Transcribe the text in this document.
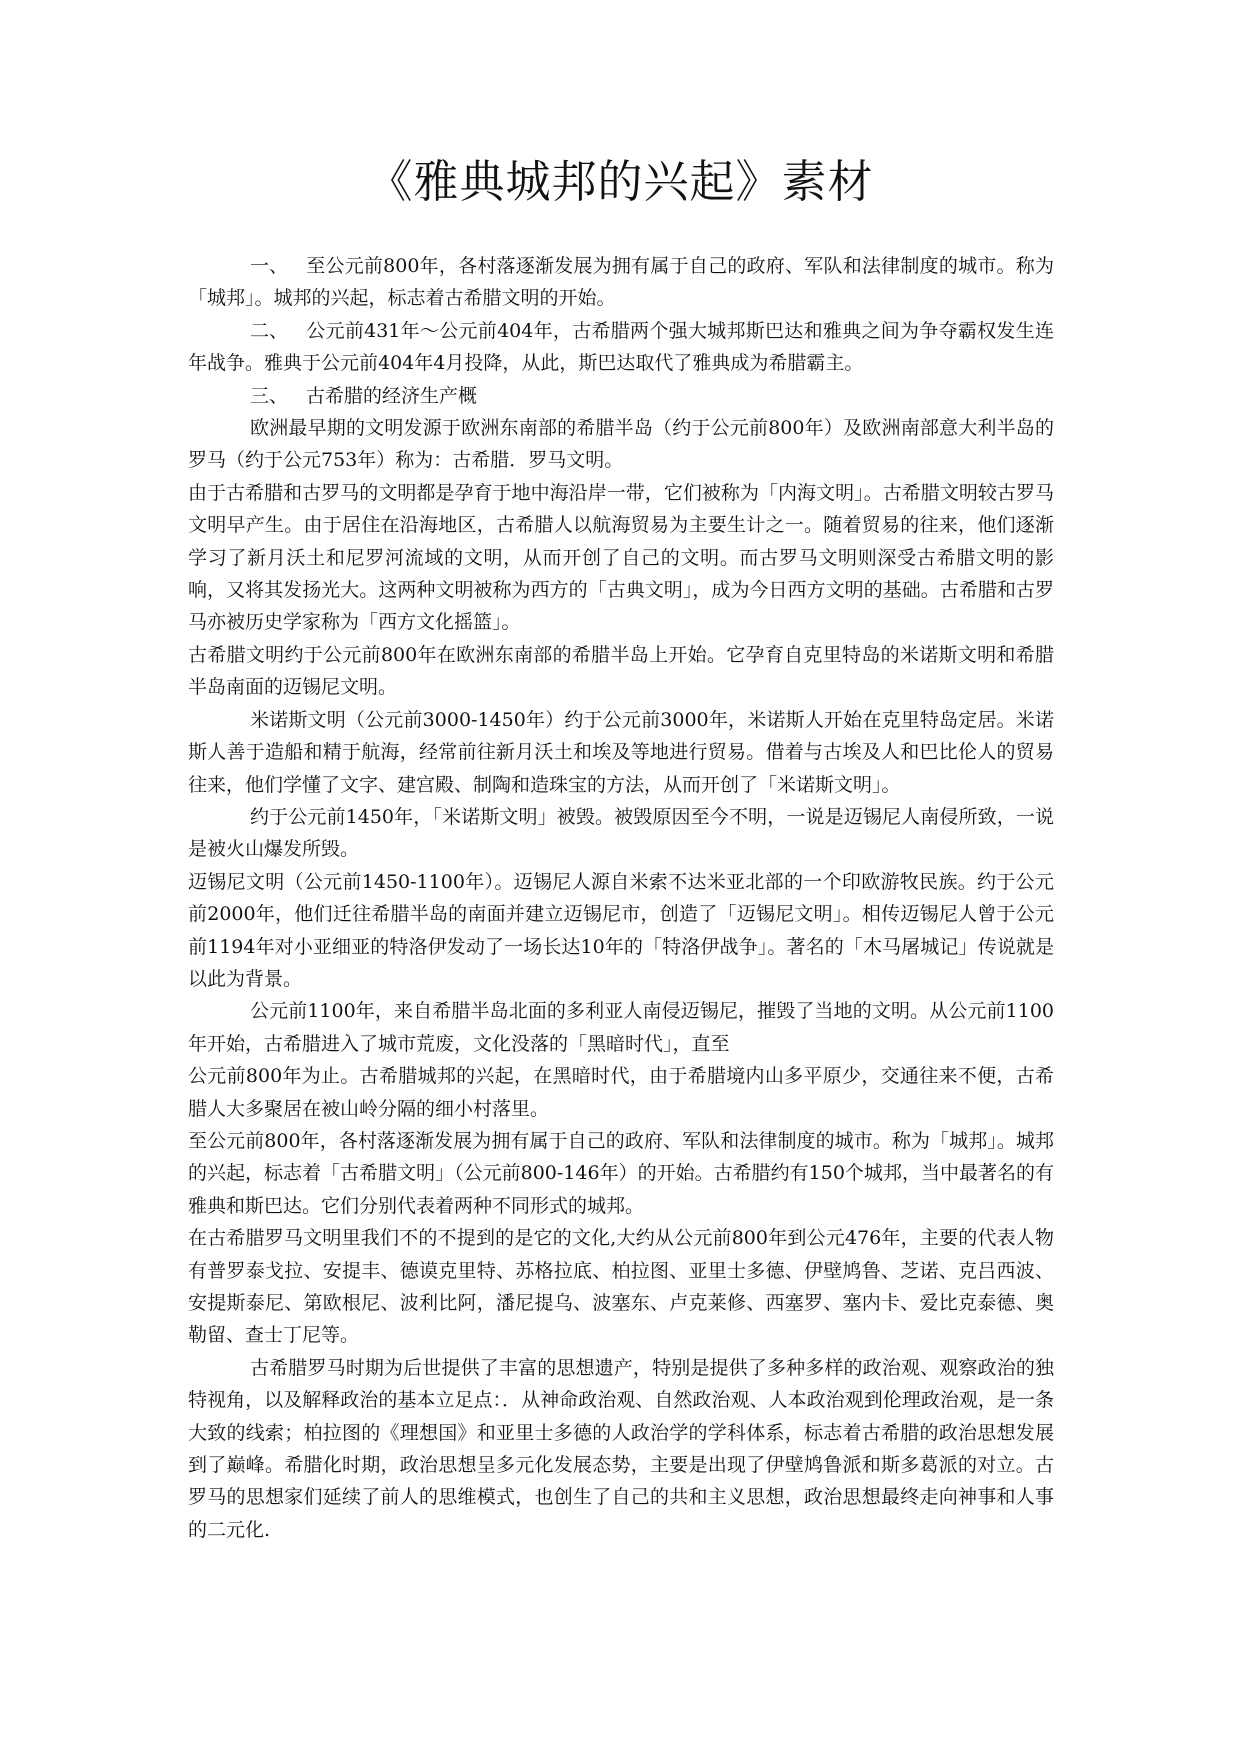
《雅典城邦的兴起》素材

一、 至公元前800年，各村落逐渐发展为拥有属于自己的政府、军队和法律制度的城市。称为「城邦」。城邦的兴起，标志着古希腊文明的开始。

二、 公元前431年～公元前404年，古希腊两个强大城邦斯巴达和雅典之间为争夺霸权发生连年战争。雅典于公元前404年4月投降，从此，斯巴达取代了雅典成为希腊霸主。

三、 古希腊的经济生产概

欧洲最早期的文明发源于欧洲东南部的希腊半岛（约于公元前800年）及欧洲南部意大利半岛的罗马（约于公元753年）称为：古希腊．罗马文明。

由于古希腊和古罗马的文明都是孕育于地中海沿岸一带，它们被称为「内海文明」。古希腊文明较古罗马文明早产生。由于居住在沿海地区，古希腊人以航海贸易为主要生计之一。随着贸易的往来，他们逐渐学习了新月沃土和尼罗河流域的文明，从而开创了自己的文明。而古罗马文明则深受古希腊文明的影响，又将其发扬光大。这两种文明被称为西方的「古典文明」，成为今日西方文明的基础。古希腊和古罗马亦被历史学家称为「西方文化摇篮」。

古希腊文明约于公元前800年在欧洲东南部的希腊半岛上开始。它孕育自克里特岛的米诺斯文明和希腊半岛南面的迈锡尼文明。

米诺斯文明（公元前3000-1450年）约于公元前3000年，米诺斯人开始在克里特岛定居。米诺斯人善于造船和精于航海，经常前往新月沃土和埃及等地进行贸易。借着与古埃及人和巴比伦人的贸易往来，他们学懂了文字、建宫殿、制陶和造珠宝的方法，从而开创了「米诺斯文明」。

约于公元前1450年，「米诺斯文明」被毁。被毁原因至今不明，一说是迈锡尼人南侵所致，一说是被火山爆发所毁。

迈锡尼文明（公元前1450-1100年）。迈锡尼人源自米索不达米亚北部的一个印欧游牧民族。约于公元前2000年，他们迁往希腊半岛的南面并建立迈锡尼市，创造了「迈锡尼文明」。相传迈锡尼人曾于公元前1194年对小亚细亚的特洛伊发动了一场长达10年的「特洛伊战争」。著名的「木马屠城记」传说就是以此为背景。

公元前1100年，来自希腊半岛北面的多利亚人南侵迈锡尼，摧毁了当地的文明。从公元前1100年开始，古希腊进入了城市荒废，文化没落的「黑暗时代」，直至

公元前800年为止。古希腊城邦的兴起，在黑暗时代，由于希腊境内山多平原少，交通往来不便，古希腊人大多聚居在被山岭分隔的细小村落里。

至公元前800年，各村落逐渐发展为拥有属于自己的政府、军队和法律制度的城市。称为「城邦」。城邦的兴起，标志着「古希腊文明」（公元前800-146年）的开始。古希腊约有150个城邦，当中最著名的有雅典和斯巴达。它们分别代表着两种不同形式的城邦。

在古希腊罗马文明里我们不的不提到的是它的文化,大约从公元前800年到公元476年，主要的代表人物有普罗泰戈拉、安提丰、德谟克里特、苏格拉底、柏拉图、亚里士多德、伊壁鸠鲁、芝诺、克吕西波、安提斯泰尼、第欧根尼、波利比阿，潘尼提乌、波塞东、卢克莱修、西塞罗、塞内卡、爱比克泰德、奥勒留、查士丁尼等。

古希腊罗马时期为后世提供了丰富的思想遗产，特别是提供了多种多样的政治观、观察政治的独特视角，以及解释政治的基本立足点：．从神命政治观、自然政治观、人本政治观到伦理政治观，是一条大致的线索；柏拉图的《理想国》和亚里士多德的人政治学的学科体系，标志着古希腊的政治思想发展到了巅峰。希腊化时期，政治思想呈多元化发展态势，主要是出现了伊壁鸠鲁派和斯多葛派的对立。古罗马的思想家们延续了前人的思维模式，也创生了自己的共和主义思想，政治思想最终走向神事和人事的二元化.
